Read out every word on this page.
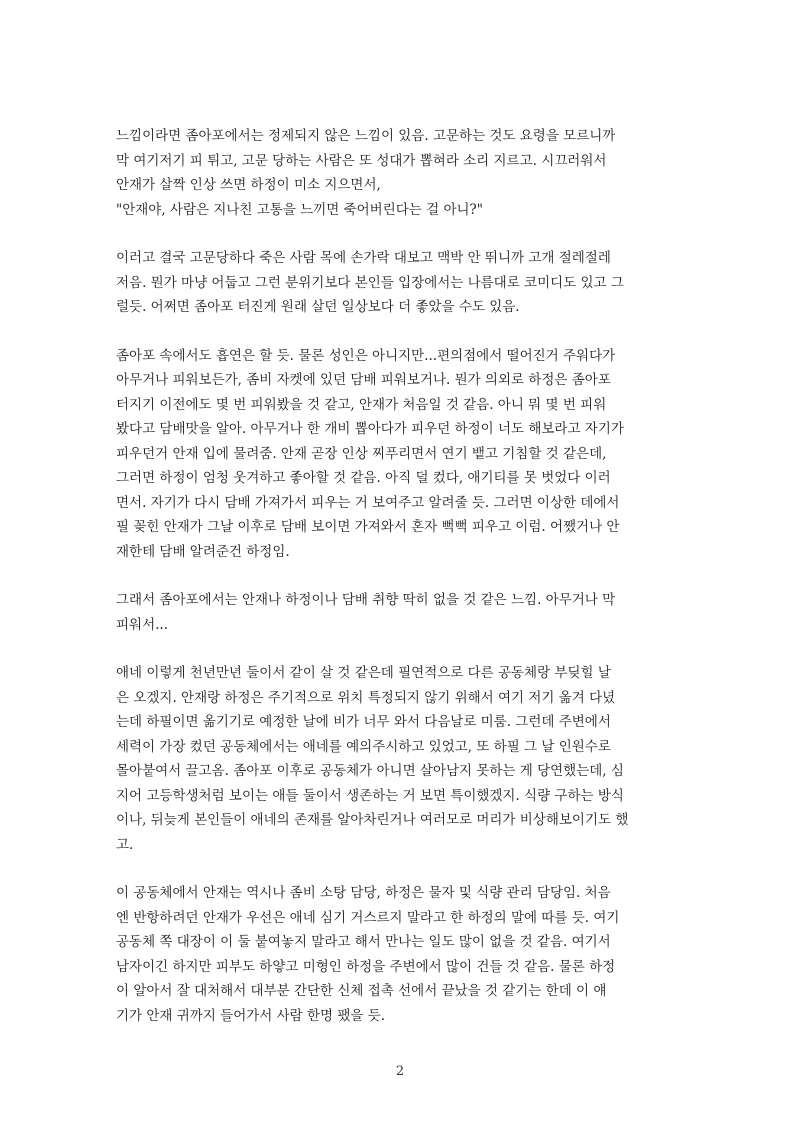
느낌이라면 좀아포에서는 정제되지 않은 느낌이 있음. 고문하는 것도 요령을 모르니까
막 여기저기 피 튀고, 고문 당하는 사람은 또 성대가 뽑혀라 소리 지르고. 시끄러워서
안재가 살짝 인상 쓰면 하정이 미소 지으면서,
"안재야, 사람은 지나친 고통을 느끼면 죽어버린다는 걸 아니?"
이러고 결국 고문당하다 죽은 사람 목에 손가락 대보고 맥박 안 뛰니까 고개 절레절레
저음. 뭔가 마냥 어둡고 그런 분위기보다 본인들 입장에서는 나름대로 코미디도 있고 그
럴듯. 어쩌면 좀아포 터진게 원래 살던 일상보다 더 좋았을 수도 있음.
좀아포 속에서도 흡연은 할 듯. 물론 성인은 아니지만...편의점에서 떨어진거 주워다가
아무거나 피워보든가, 좀비 자켓에 있던 담배 피워보거나. 뭔가 의외로 하정은 좀아포
터지기 이전에도 몇 번 피워봤을 것 같고, 안재가 처음일 것 같음. 아니 뭐 몇 번 피워
봤다고 담배맛을 알아. 아무거나 한 개비 뽑아다가 피우던 하정이 너도 해보라고 자기가
피우던거 안재 입에 물려줌. 안재 곧장 인상 찌푸리면서 연기 뱉고 기침할 것 같은데,
그러면 하정이 엄청 웃겨하고 좋아할 것 같음. 아직 덜 컸다, 애기티를 못 벗었다 이러
면서. 자기가 다시 담배 가져가서 피우는 거 보여주고 알려줄 듯. 그러면 이상한 데에서
필 꽂힌 안재가 그날 이후로 담배 보이면 가져와서 혼자 뻑뻑 피우고 이럼. 어쨌거나 안
재한테 담배 알려준건 하정임.
그래서 좀아포에서는 안재나 하정이나 담배 취향 딱히 없을 것 같은 느낌. 아무거나 막
피워서...
애네 이렇게 천년만년 둘이서 같이 살 것 같은데 필연적으로 다른 공동체랑 부딪힐 날
은 오겠지. 안재랑 하정은 주기적으로 위치 특정되지 않기 위해서 여기 저기 옮겨 다녔
는데 하필이면 옮기기로 예정한 날에 비가 너무 와서 다음날로 미룸. 그런데 주변에서
세력이 가장 컸던 공동체에서는 애네를 예의주시하고 있었고, 또 하필 그 날 인원수로
몰아붙여서 끌고옴. 좀아포 이후로 공동체가 아니면 살아남지 못하는 게 당연했는데, 심
지어 고등학생처럼 보이는 애들 둘이서 생존하는 거 보면 특이했겠지. 식량 구하는 방식
이나, 뒤늦게 본인들이 애네의 존재를 알아차린거나 여러모로 머리가 비상해보이기도 했
고.
이 공동체에서 안재는 역시나 좀비 소탕 담당, 하정은 물자 및 식량 관리 담당임. 처음
엔 반항하려던 안재가 우선은 애네 심기 거스르지 말라고 한 하정의 말에 따를 듯. 여기
공동체 쪽 대장이 이 둘 붙여놓지 말라고 해서 만나는 일도 많이 없을 것 같음. 여기서
남자이긴 하지만 피부도 하얗고 미형인 하정을 주변에서 많이 건들 것 같음. 물론 하정
이 알아서 잘 대처해서 대부분 간단한 신체 접촉 선에서 끝났을 것 같기는 한데 이 얘
기가 안재 귀까지 들어가서 사람 한명 팼을 듯.
2
